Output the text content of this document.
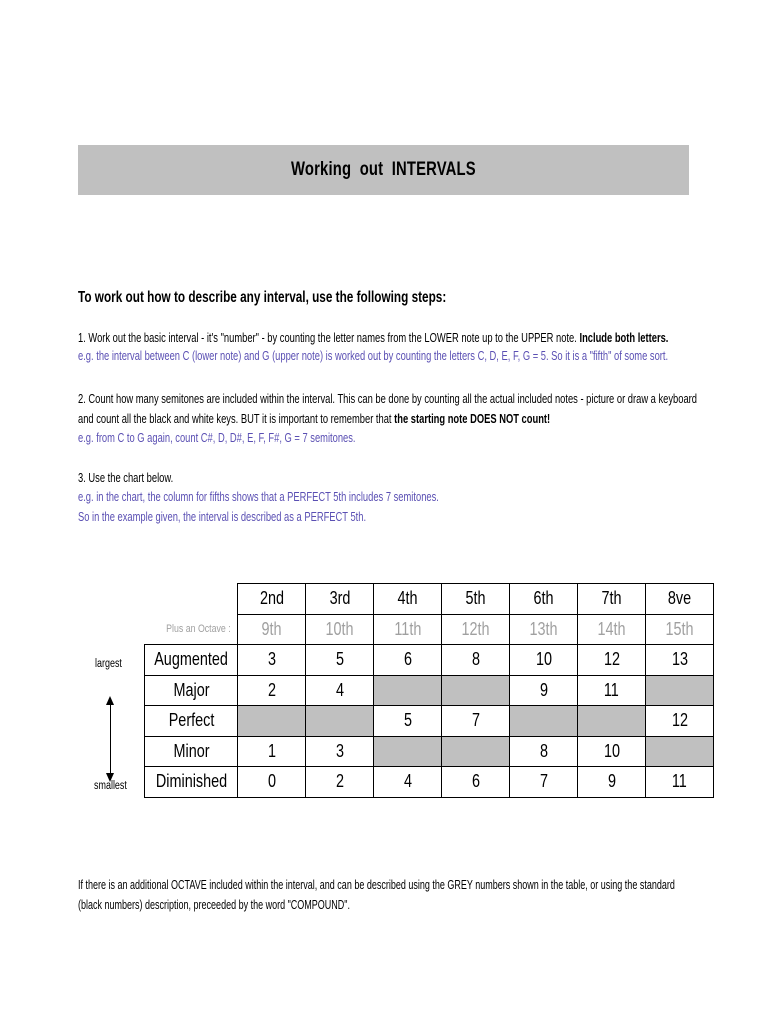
Working  out  INTERVALS
To work out how to describe any interval, use the following steps:
1. Work out the basic interval - it's "number" - by counting the letter names from the LOWER note up to the UPPER note. Include both letters.
e.g. the interval between C (lower note) and G (upper note) is worked out by counting the letters C, D, E, F, G = 5. So it is a "fifth" of some sort.
2. Count how many semitones are included within the interval. This can be done by counting all the actual included notes - picture or draw a keyboard
and count all the black and white keys. BUT it is important to remember that the starting note DOES NOT count!
e.g. from C to G again, count C#, D, D#, E, F, F#, G = 7 semitones.
3. Use the chart below.
e.g. in the chart, the column for fifths shows that a PERFECT 5th includes 7 semitones.
So in the example given, the interval is described as a PERFECT 5th.
	2nd	3rd	4th	5th	6th	7th	8ve
Plus an Octave :	9th	10th	11th	12th	13th	14th	15th
Augmented	3	5	6	8	10	12	13
Major	2	4			9	11	
Perfect			5	7			12
Minor	1	3			8	10	
Diminished	0	2	4	6	7	9	11
largest
smallest
If there is an additional OCTAVE included within the interval, and can be described using the GREY numbers shown in the table, or using the standard
(black numbers) description, preceeded by the word "COMPOUND".
